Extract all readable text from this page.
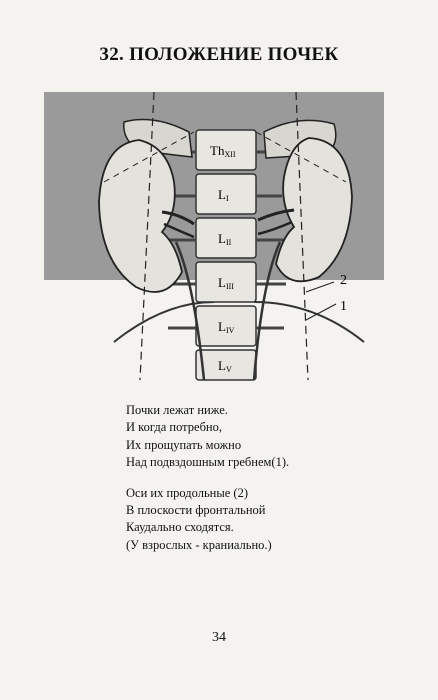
32. ПОЛОЖЕНИЕ ПОЧЕК
ThXII
LI
LII
LIII
LIV
LV
2
1
Почки лежат ниже.
И когда потребно,
Их прощупать можно
Над подвздошным гребнем(1).
Оси их продольные (2)
В плоскости фронтальной
Каудально сходятся.
(У взрослых - краниально.)
34
